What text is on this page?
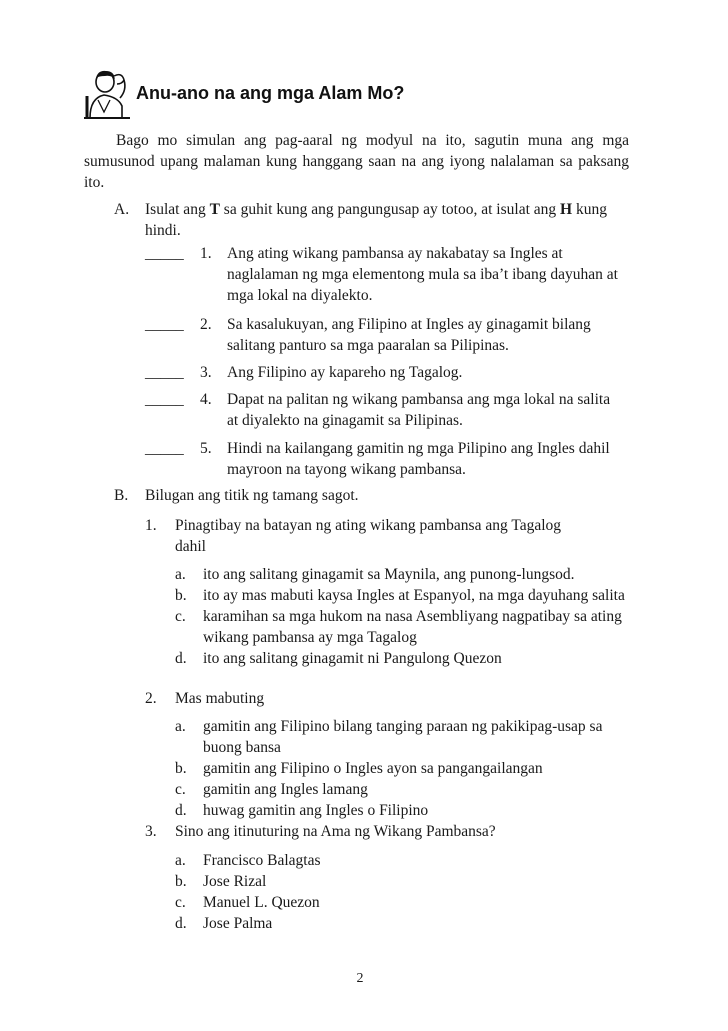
Anu-ano na ang mga Alam Mo?

Bago mo simulan ang pag-aaral ng modyul na ito, sagutin muna ang mga sumusunod upang malaman kung hanggang saan na ang iyong nalalaman sa paksang ito.

A.	Isulat ang T sa guhit kung ang pangungusap ay totoo, at isulat ang H kung hindi.
_____	1. Ang ating wikang pambansa ay nakabatay sa Ingles at naglalaman ng mga elementong mula sa iba’t ibang dayuhan at mga lokal na diyalekto.
_____	2. Sa kasalukuyan, ang Filipino at Ingles ay ginagamit bilang salitang panturo sa mga paaralan sa Pilipinas.
_____	3. Ang Filipino ay kapareho ng Tagalog.
_____	4. Dapat na palitan ng wikang pambansa ang mga lokal na salita at diyalekto na ginagamit sa Pilipinas.
_____	5. Hindi na kailangang gamitin ng mga Pilipino ang Ingles dahil mayroon na tayong wikang pambansa.
B.	Bilugan ang titik ng tamang sagot.
1.	Pinagtibay na batayan ng ating wikang pambansa ang Tagalog dahil
a.	ito ang salitang ginagamit sa Maynila, ang punong-lungsod.
b.	ito ay mas mabuti kaysa Ingles at Espanyol, na mga dayuhang salita
c.	karamihan sa mga hukom na nasa Asembliyang nagpatibay sa ating wikang pambansa ay mga Tagalog
d.	ito ang salitang ginagamit ni Pangulong Quezon
2.	Mas mabuting
a.	gamitin ang Filipino bilang tanging paraan ng pakikipag-usap sa buong bansa
b.	gamitin ang Filipino o Ingles ayon sa pangangailangan
c.	gamitin ang Ingles lamang
d.	huwag gamitin ang Ingles o Filipino
3.	Sino ang itinuturing na Ama ng Wikang Pambansa?
a.	Francisco Balagtas
b.	Jose Rizal
c.	Manuel L. Quezon
d.	Jose Palma
2
